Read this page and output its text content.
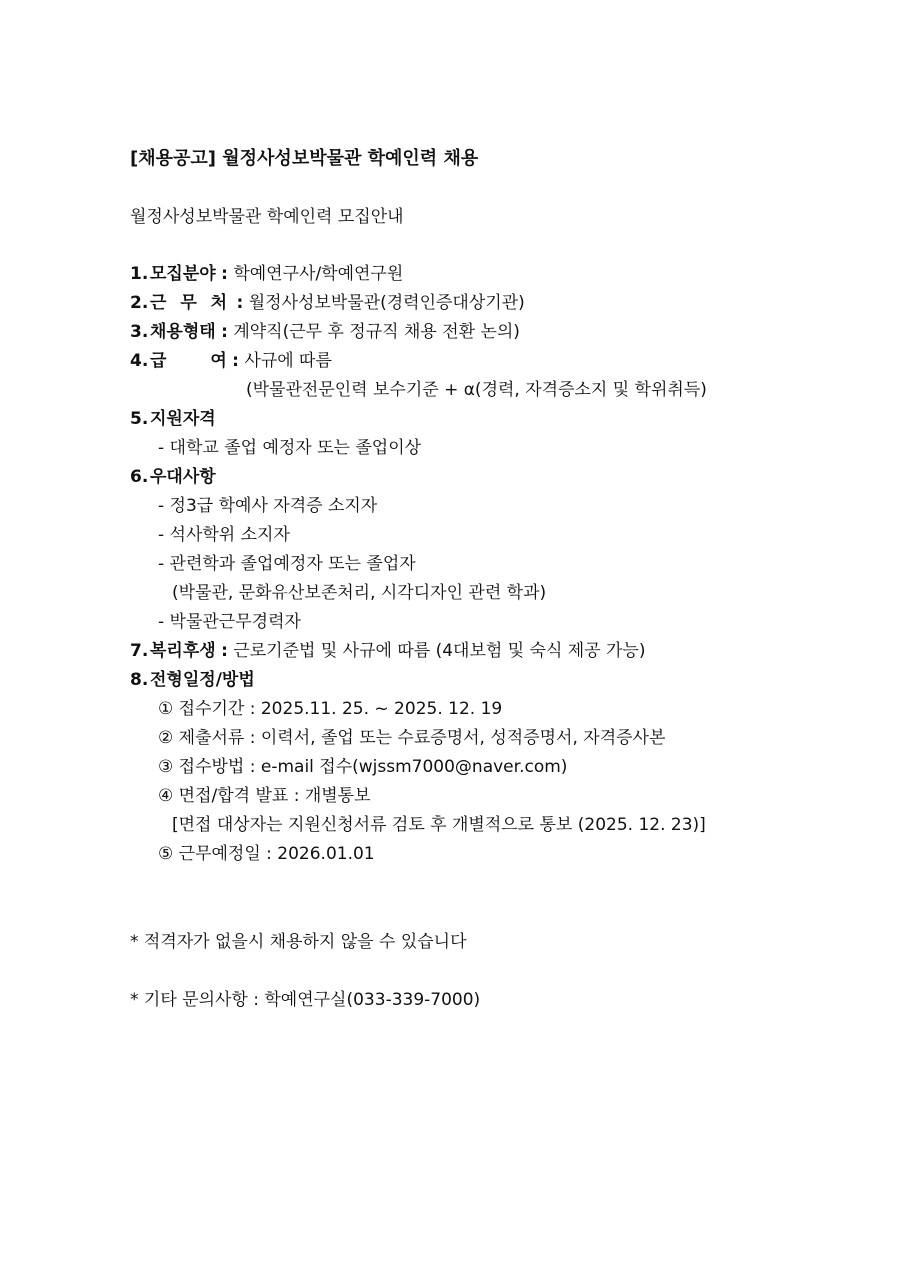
[채용공고] 월정사성보박물관 학예인력 채용
월정사성보박물관 학예인력 모집안내
1. 모집분야 : 학예연구사/학예연구원
2. 근 무 처 : 월정사성보박물관(경력인증대상기관)
3. 채용형태 : 계약직(근무 후 정규직 채용 전환 논의)
4. 급 여 : 사규에 따름
(박물관전문인력 보수기준 + α(경력, 자격증소지 및 학위취득)
5. 지원자격
- 대학교 졸업 예정자 또는 졸업이상
6. 우대사항
- 정3급 학예사 자격증 소지자
- 석사학위 소지자
- 관련학과 졸업예정자 또는 졸업자
(박물관, 문화유산보존처리, 시각디자인 관련 학과)
- 박물관근무경력자
7. 복리후생 : 근로기준법 및 사규에 따름 (4대보험 및 숙식 제공 가능)
8. 전형일정/방법
① 접수기간 : 2025.11. 25. ~ 2025. 12. 19
② 제출서류 : 이력서, 졸업 또는 수료증명서, 성적증명서, 자격증사본
③ 접수방법 : e-mail 접수(wjssm7000@naver.com)
④ 면접/합격 발표 : 개별통보
[면접 대상자는 지원신청서류 검토 후 개별적으로 통보 (2025. 12. 23)]
⑤ 근무예정일 : 2026.01.01
* 적격자가 없을시 채용하지 않을 수 있습니다
* 기타 문의사항 : 학예연구실(033-339-7000)
